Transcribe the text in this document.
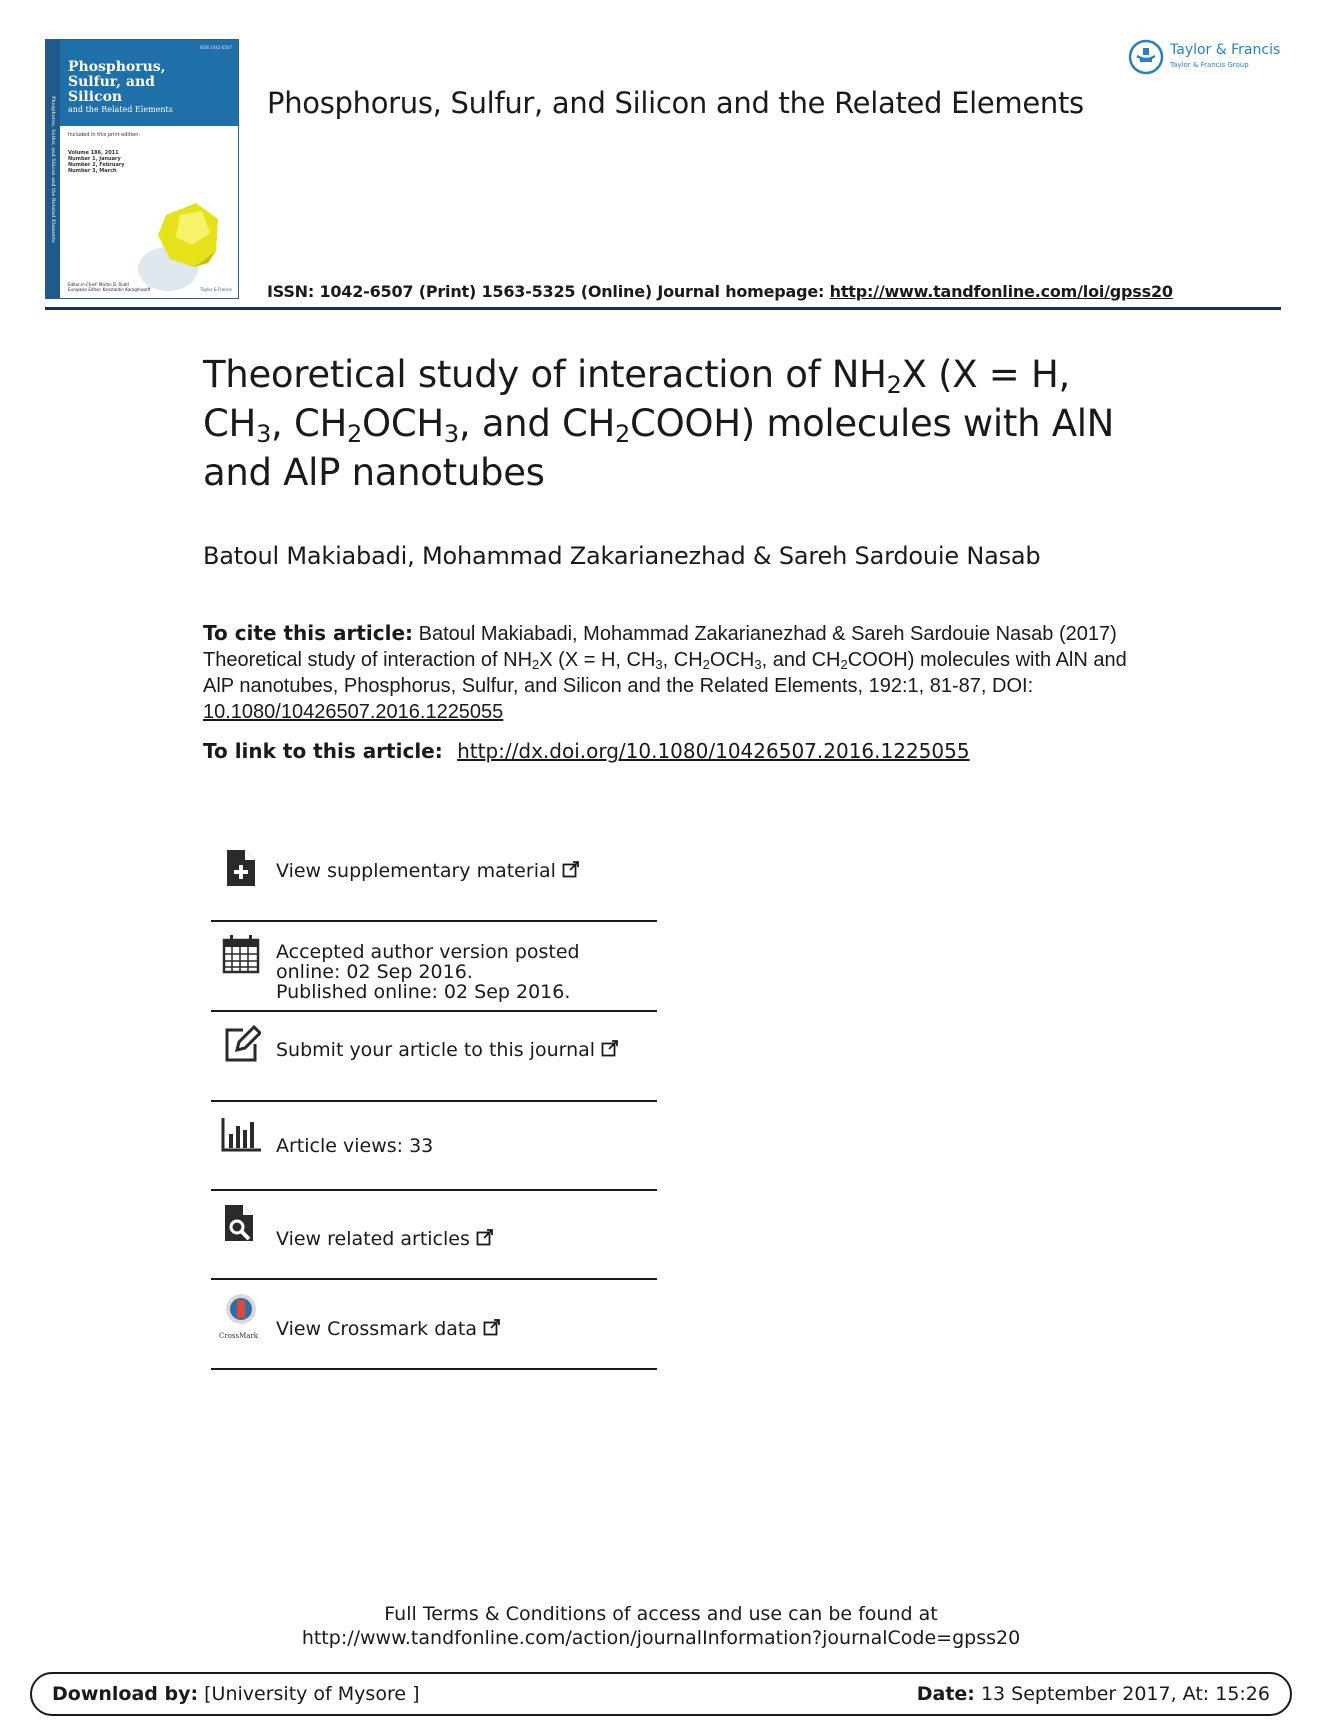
Phosphorus, Sulfur, and Silicon and the Related Elements
ISSN 1042-6507

Phosphorus,
Sulfur, and
Silicon
and the Related Elements

Included in this print edition:
Volume 186, 2011
Number 1, January
Number 2, February
Number 3, March
Editor-in-Chief: Martin D. Rudd
European Editor: Konstantin Karaghiosoff	Taylor & Francis
Phosphorus, Sulfur, and Silicon and the Related Elements
Taylor & Francis
Taylor & Francis Group
ISSN: 1042-6507 (Print) 1563-5325 (Online) Journal homepage: http://www.tandfonline.com/loi/gpss20
Theoretical study of interaction of $NH_2X$ (X = H, $CH_3$, $CH_2OCH_3$, and $CH_2COOH$) molecules with AlN and AlP nanotubes
Batoul Makiabadi, Mohammad Zakarianezhad & Sareh Sardouie Nasab
To cite this article: Batoul Makiabadi, Mohammad Zakarianezhad & Sareh Sardouie Nasab (2017) Theoretical study of interaction of $NH_2X$ (X = H, $CH_3$, $CH_2OCH_3$, and $CH_2COOH$) molecules with AlN and AlP nanotubes, Phosphorus, Sulfur, and Silicon and the Related Elements, 192:1, 81-87, DOI: 10.1080/10426507.2016.1225055
To link to this article: http://dx.doi.org/10.1080/10426507.2016.1225055
View supplementary material
Accepted author version posted online: 02 Sep 2016.
Published online: 02 Sep 2016.
Submit your article to this journal
Article views: 33
View related articles
CrossMark View Crossmark data
Full Terms & Conditions of access and use can be found at
http://www.tandfonline.com/action/journalInformation?journalCode=gpss20
Download by: [University of Mysore ]	Date: 13 September 2017, At: 15:26
